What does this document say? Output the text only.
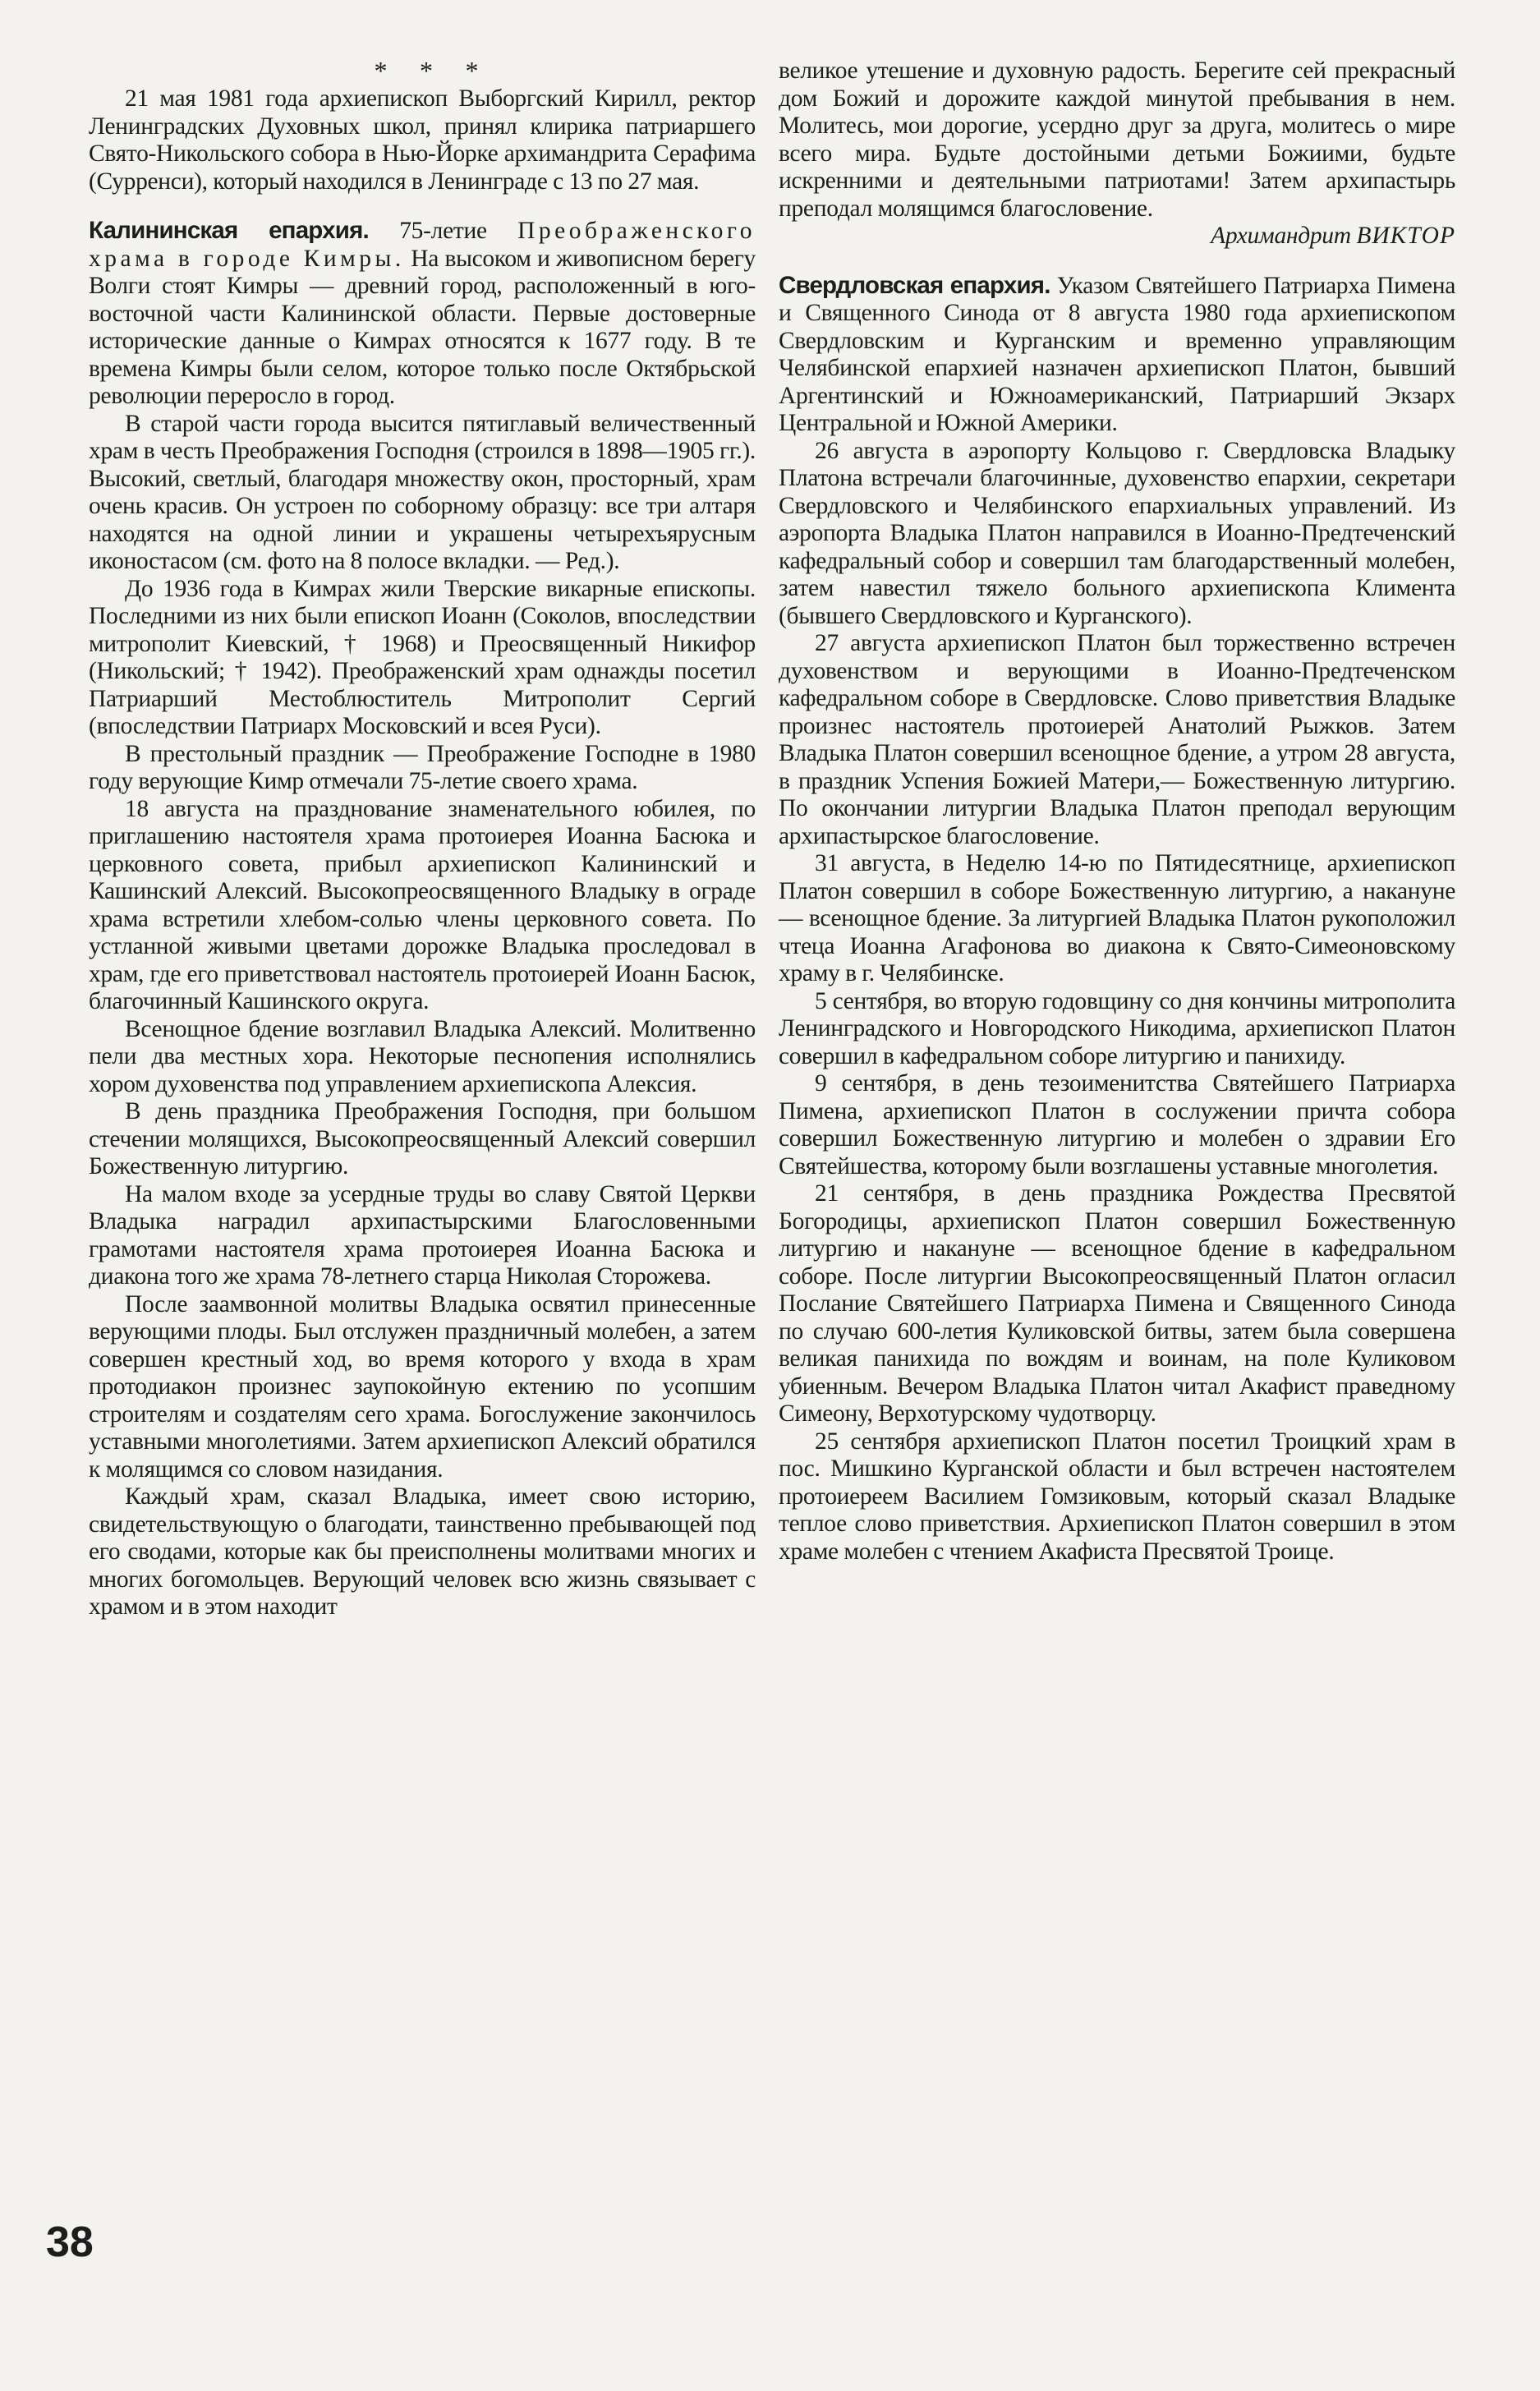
* * *

21 мая 1981 года архиепископ Выборгский Кирилл, ректор Ленинградских Духовных школ, принял клирика патриаршего Свято-Никольского собора в Нью-Йорке архимандрита Серафима (Сурренси), который находился в Ленинграде с 13 по 27 мая.

Калининская епархия. 75-летие Преображенского храма в городе Кимры. На высоком и живописном берегу Волги стоят Кимры — древний город, расположенный в юго-восточной части Калининской области. Первые достоверные исторические данные о Кимрах относятся к 1677 году. В те времена Кимры были селом, которое только после Октябрьской революции переросло в город.

В старой части города высится пятиглавый величественный храм в честь Преображения Господня (строился в 1898—1905 гг.). Высокий, светлый, благодаря множеству окон, просторный, храм очень красив. Он устроен по соборному образцу: все три алтаря находятся на одной линии и украшены четырехъярусным иконостасом (см. фото на 8 полосе вкладки. — Ред.).

До 1936 года в Кимрах жили Тверские викарные епископы. Последними из них были епископ Иоанн (Соколов, впоследствии митрополит Киевский, † 1968) и Преосвященный Никифор (Никольский; † 1942). Преображенский храм однажды посетил Патриарший Местоблюститель Митрополит Сергий (впоследствии Патриарх Московский и всея Руси).

В престольный праздник — Преображение Господне в 1980 году верующие Кимр отмечали 75-летие своего храма.

18 августа на празднование знаменательного юбилея, по приглашению настоятеля храма протоиерея Иоанна Басюка и церковного совета, прибыл архиепископ Калининский и Кашинский Алексий. Высокопреосвященного Владыку в ограде храма встретили хлебом-солью члены церковного совета. По устланной живыми цветами дорожке Владыка проследовал в храм, где его приветствовал настоятель протоиерей Иоанн Басюк, благочинный Кашинского округа.

Всенощное бдение возглавил Владыка Алексий. Молитвенно пели два местных хора. Некоторые песнопения исполнялись хором духовенства под управлением архиепископа Алексия.

В день праздника Преображения Господня, при большом стечении молящихся, Высокопреосвященный Алексий совершил Божественную литургию.

На малом входе за усердные труды во славу Святой Церкви Владыка наградил архипастырскими Благословенными грамотами настоятеля храма протоиерея Иоанна Басюка и диакона того же храма 78-летнего старца Николая Сторожева.

После заамвонной молитвы Владыка освятил принесенные верующими плоды. Был отслужен праздничный молебен, а затем совершен крестный ход, во время которого у входа в храм протодиакон произнес заупокойную ектению по усопшим строителям и создателям сего храма. Богослужение закончилось уставными многолетиями. Затем архиепископ Алексий обратился к молящимся со словом назидания.

Каждый храм, сказал Владыка, имеет свою историю, свидетельствующую о благодати, таинственно пребывающей под его сводами, которые как бы преисполнены молитвами многих и многих богомольцев. Верующий человек всю жизнь связывает с храмом и в этом находит

великое утешение и духовную радость. Берегите сей прекрасный дом Божий и дорожите каждой минутой пребывания в нем. Молитесь, мои дорогие, усердно друг за друга, молитесь о мире всего мира. Будьте достойными детьми Божиими, будьте искренними и деятельными патриотами! Затем архипастырь преподал молящимся благословение.

Архимандрит ВИКТОР

Свердловская епархия. Указом Святейшего Патриарха Пимена и Священного Синода от 8 августа 1980 года архиепископом Свердловским и Курганским и временно управляющим Челябинской епархией назначен архиепископ Платон, бывший Аргентинский и Южноамериканский, Патриарший Экзарх Центральной и Южной Америки.

26 августа в аэропорту Кольцово г. Свердловска Владыку Платона встречали благочинные, духовенство епархии, секретари Свердловского и Челябинского епархиальных управлений. Из аэропорта Владыка Платон направился в Иоанно-Предтеченский кафедральный собор и совершил там благодарственный молебен, затем навестил тяжело больного архиепископа Климента (бывшего Свердловского и Курганского).

27 августа архиепископ Платон был торжественно встречен духовенством и верующими в Иоанно-Предтеченском кафедральном соборе в Свердловске. Слово приветствия Владыке произнес настоятель протоиерей Анатолий Рыжков. Затем Владыка Платон совершил всенощное бдение, а утром 28 августа, в праздник Успения Божией Матери,— Божественную литургию. По окончании литургии Владыка Платон преподал верующим архипастырское благословение.

31 августа, в Неделю 14-ю по Пятидесятнице, архиепископ Платон совершил в соборе Божественную литургию, а накануне — всенощное бдение. За литургией Владыка Платон рукоположил чтеца Иоанна Агафонова во диакона к Свято-Симеоновскому храму в г. Челябинске.

5 сентября, во вторую годовщину со дня кончины митрополита Ленинградского и Новгородского Никодима, архиепископ Платон совершил в кафедральном соборе литургию и панихиду.

9 сентября, в день тезоименитства Святейшего Патриарха Пимена, архиепископ Платон в сослужении причта собора совершил Божественную литургию и молебен о здравии Его Святейшества, которому были возглашены уставные многолетия.

21 сентября, в день праздника Рождества Пресвятой Богородицы, архиепископ Платон совершил Божественную литургию и накануне — всенощное бдение в кафедральном соборе. После литургии Высокопреосвященный Платон огласил Послание Святейшего Патриарха Пимена и Священного Синода по случаю 600-летия Куликовской битвы, затем была совершена великая панихида по вождям и воинам, на поле Куликовом убиенным. Вечером Владыка Платон читал Акафист праведному Симеону, Верхотурскому чудотворцу.

25 сентября архиепископ Платон посетил Троицкий храм в пос. Мишкино Курганской области и был встречен настоятелем протоиереем Василием Гомзиковым, который сказал Владыке теплое слово приветствия. Архиепископ Платон совершил в этом храме молебен с чтением Акафиста Пресвятой Троице.

38
